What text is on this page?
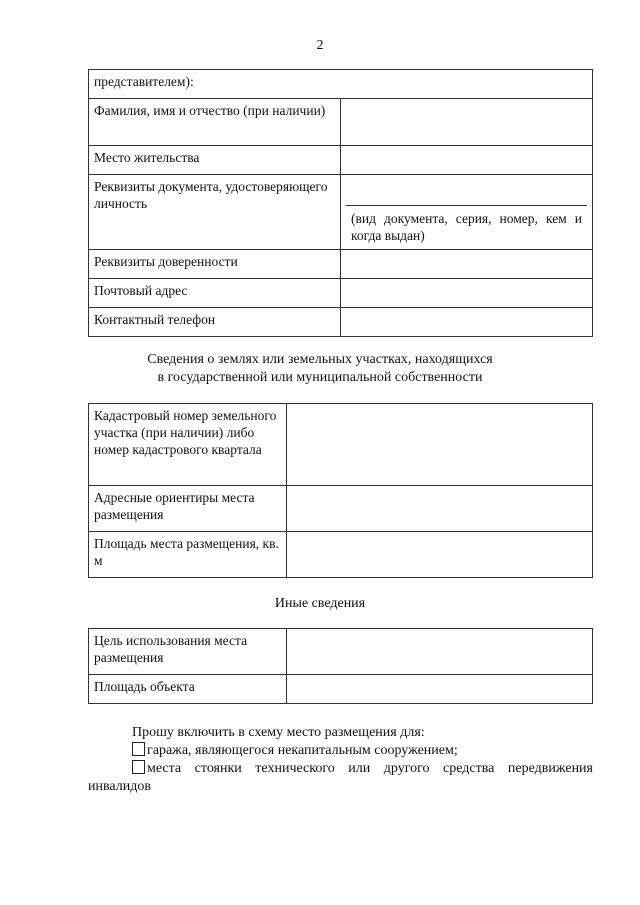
2
представителем):	
Фамилия, имя и отчество (при наличии)	
Место жительства	
Реквизиты документа, удостоверяющего личность	(вид документа, серия, номер, кем и когда выдан)

Реквизиты доверенности	
Почтовый адрес	
Контактный телефон	
Сведения о землях или земельных участках, находящихся
в государственной или муниципальной собственности
Кадастровый номер земельного участка (при наличии) либо номер кадастрового квартала	
Адресные ориентиры места размещения	
Площадь места размещения, кв. м	
Иные сведения
Цель использования места размещения	
Площадь объекта	
Прошу включить в схему место размещения для:
гаража, являющегося некапитальным сооружением;
места стоянки технического или другого средства передвижения
инвалидов
